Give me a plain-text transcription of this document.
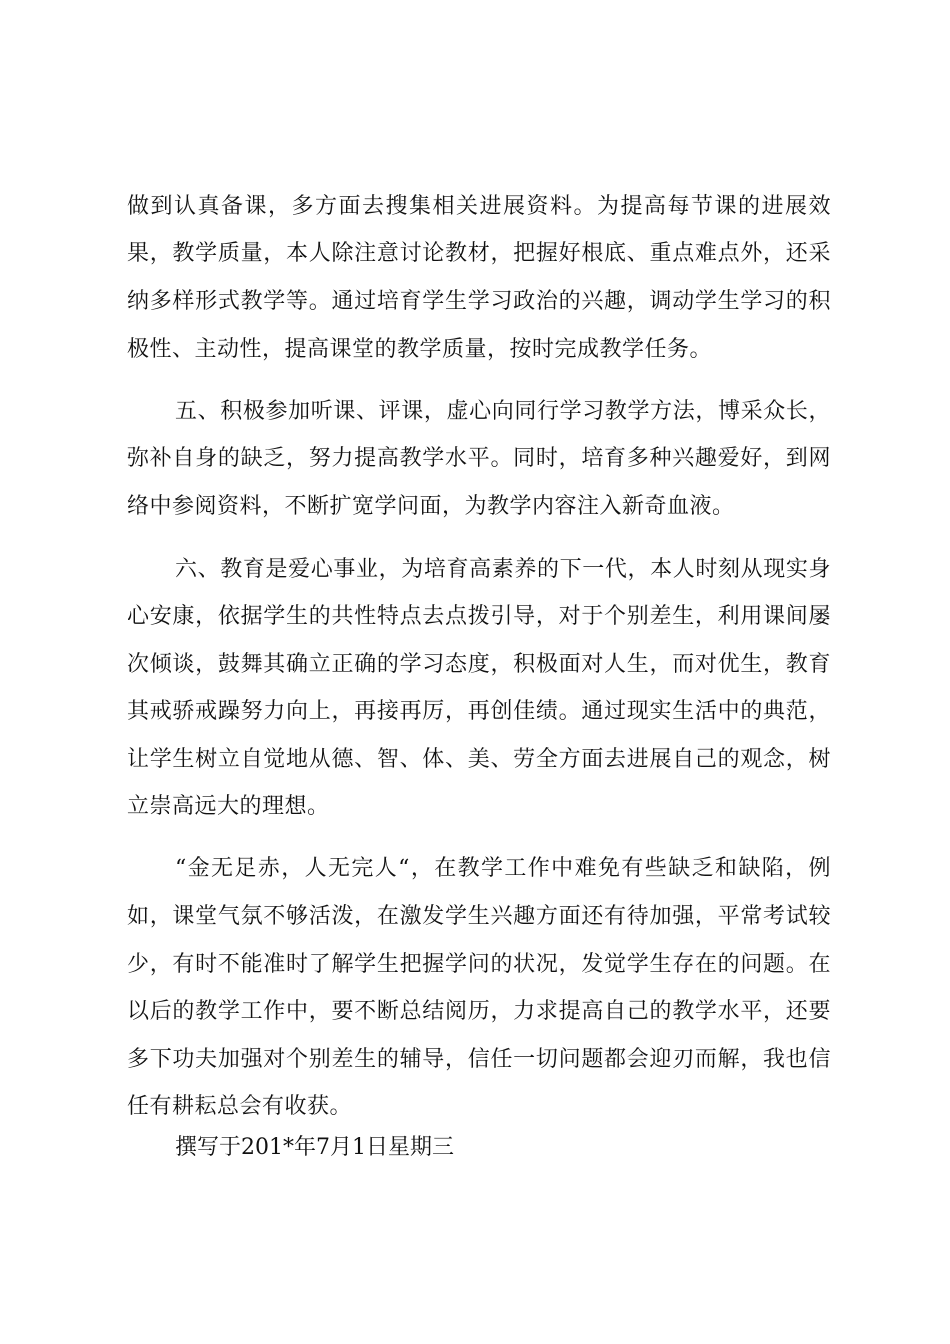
做到认真备课，多方面去搜集相关进展资料。为提高每节课的进展效
果，教学质量，本人除注意讨论教材，把握好根底、重点难点外，还采
纳多样形式教学等。通过培育学生学习政治的兴趣，调动学生学习的积
极性、主动性，提高课堂的教学质量，按时完成教学任务。
五、积极参加听课、评课，虚心向同行学习教学方法，博采众长，
弥补自身的缺乏，努力提高教学水平。同时，培育多种兴趣爱好，到网
络中参阅资料，不断扩宽学问面，为教学内容注入新奇血液。
六、教育是爱心事业，为培育高素养的下一代，本人时刻从现实身
心安康，依据学生的共性特点去点拨引导，对于个别差生，利用课间屡
次倾谈，鼓舞其确立正确的学习态度，积极面对人生，而对优生，教育
其戒骄戒躁努力向上，再接再厉，再创佳绩。通过现实生活中的典范，
让学生树立自觉地从德、智、体、美、劳全方面去进展自己的观念，树
立崇高远大的理想。
“金无足赤，人无完人“，在教学工作中难免有些缺乏和缺陷，例
如，课堂气氛不够活泼，在激发学生兴趣方面还有待加强，平常考试较
少，有时不能准时了解学生把握学问的状况，发觉学生存在的问题。在
以后的教学工作中，要不断总结阅历，力求提高自己的教学水平，还要
多下功夫加强对个别差生的辅导，信任一切问题都会迎刃而解，我也信
任有耕耘总会有收获。
撰写于201*年7月1日星期三
